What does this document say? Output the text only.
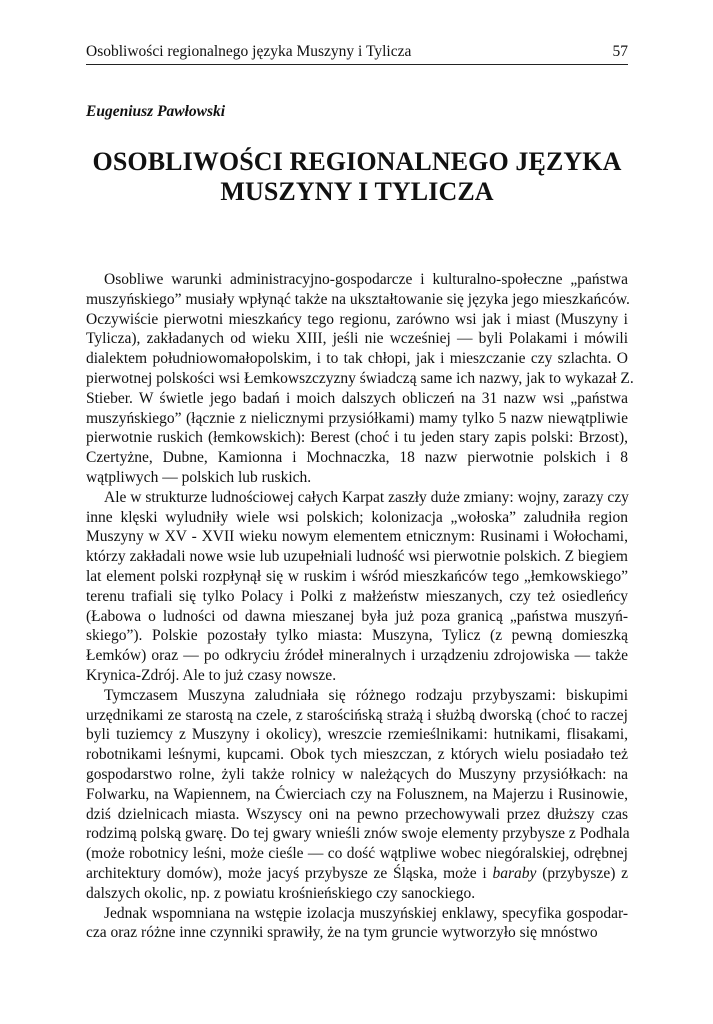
Osobliwości regionalnego języka Muszyny i Tylicza	57
Eugeniusz Pawłowski
OSOBLIWOŚCI REGIONALNEGO JĘZYKA
MUSZYNY I TYLICZA
Osobliwe warunki administracyjno-gospodarcze i kulturalno-społeczne „państwa
muszyńskiego” musiały wpłynąć także na ukształtowanie się języka jego mieszkańców.
Oczywiście pierwotni mieszkańcy tego regionu, zarówno wsi jak i miast (Muszyny i
Tylicza), zakładanych od wieku XIII, jeśli nie wcześniej — byli Polakami i mówili
dialektem południowomałopolskim, i to tak chłopi, jak i mieszczanie czy szlachta. O
pierwotnej polskości wsi Łemkowszczyzny świadczą same ich nazwy, jak to wykazał Z.
Stieber. W świetle jego badań i moich dalszych obliczeń na 31 nazw wsi „państwa
muszyńskiego” (łącznie z nielicznymi przysiółkami) mamy tylko 5 nazw niewątpliwie
pierwotnie ruskich (łemkowskich): Berest (choć i tu jeden stary zapis polski: Brzost),
Czertyżne, Dubne, Kamionna i Mochnaczka, 18 nazw pierwotnie polskich i 8
wątpliwych — polskich lub ruskich.
Ale w strukturze ludnościowej całych Karpat zaszły duże zmiany: wojny, zarazy czy
inne klęski wyludniły wiele wsi polskich; kolonizacja „wołoska” zaludniła region
Muszyny w XV - XVII wieku nowym elementem etnicznym: Rusinami i Wołochami,
którzy zakładali nowe wsie lub uzupełniali ludność wsi pierwotnie polskich. Z biegiem
lat element polski rozpłynął się w ruskim i wśród mieszkańców tego „łemkowskiego”
terenu trafiali się tylko Polacy i Polki z małżeństw mieszanych, czy też osiedleńcy
(Łabowa o ludności od dawna mieszanej była już poza granicą „państwa muszyń-
skiego”). Polskie pozostały tylko miasta: Muszyna, Tylicz (z pewną domieszką
Łemków) oraz — po odkryciu źródeł mineralnych i urządzeniu zdrojowiska — także
Krynica-Zdrój. Ale to już czasy nowsze.
Tymczasem Muszyna zaludniała się różnego rodzaju przybyszami: biskupimi
urzędnikami ze starostą na czele, z starościńską strażą i służbą dworską (choć to raczej
byli tuziemcy z Muszyny i okolicy), wreszcie rzemieślnikami: hutnikami, flisakami,
robotnikami leśnymi, kupcami. Obok tych mieszczan, z których wielu posiadało też
gospodarstwo rolne, żyli także rolnicy w należących do Muszyny przysiółkach: na
Folwarku, na Wapiennem, na Ćwierciach czy na Folusznem, na Majerzu i Rusinowie,
dziś dzielnicach miasta. Wszyscy oni na pewno przechowywali przez dłuższy czas
rodzimą polską gwarę. Do tej gwary wnieśli znów swoje elementy przybysze z Podhala
(może robotnicy leśni, może cieśle — co dość wątpliwe wobec niegóralskiej, odrębnej
architektury domów), może jacyś przybysze ze Śląska, może i baraby (przybysze) z
dalszych okolic, np. z powiatu krośnieńskiego czy sanockiego.
Jednak wspomniana na wstępie izolacja muszyńskiej enklawy, specyfika gospodar-
cza oraz różne inne czynniki sprawiły, że na tym gruncie wytworzyło się mnóstwo
